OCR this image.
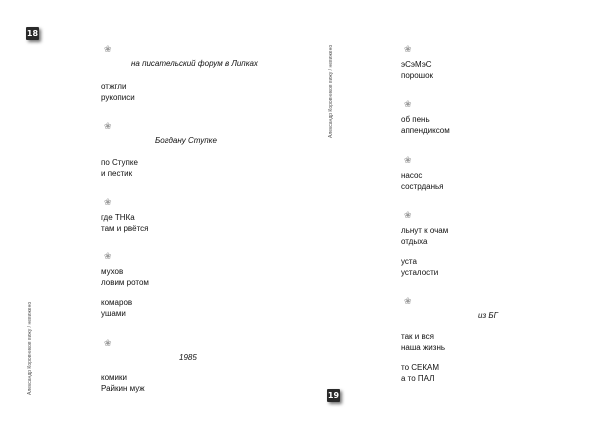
18
Александр Коровников вижу / невижено
❀
на писательский форум в Липках
отжгли
рукописи
❀
Богдану Ступке
по Ступке
и пестик
❀
где ТНКа
там и рвётся
❀
мухов
ловим ротом
комаров
ушами
❀
1985
комики
Райкин муж
19
Александр Коровников вижу / невижено	❀
эСэМэС
порошок
❀
об пень
аппендиксом
❀
насос
сострданья
❀
льнут к очам
отдыха
уста
усталости
❀
из БГ
так и вся
наша жизнь
то СЕКАМ
а то ПАЛ
